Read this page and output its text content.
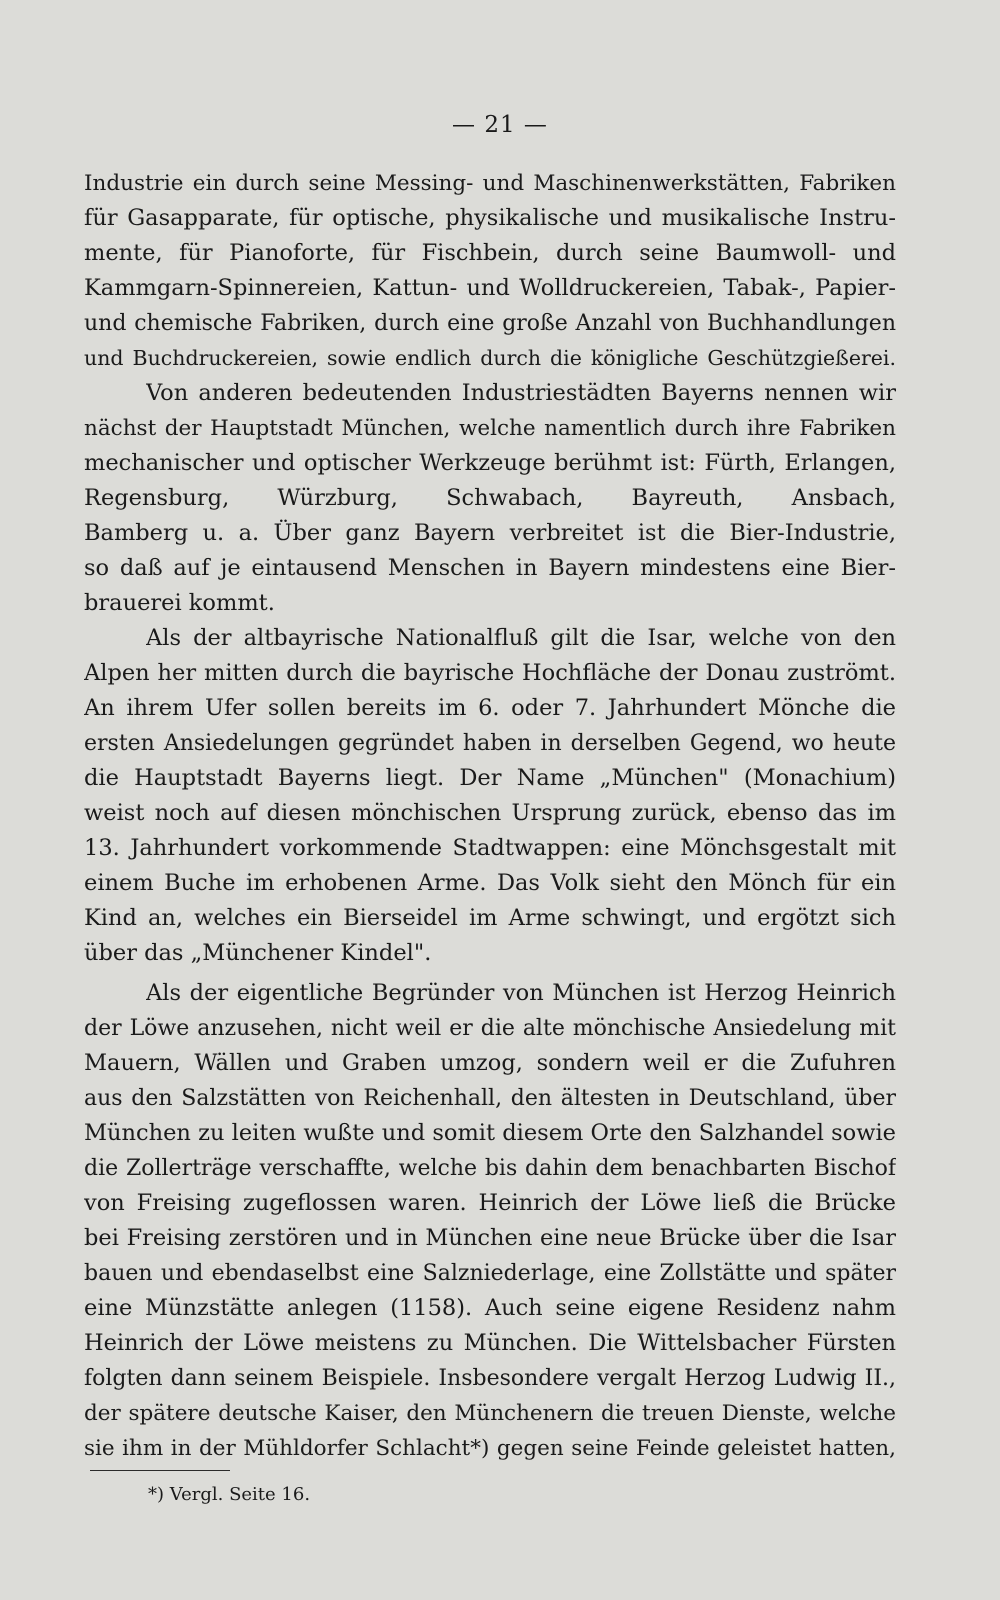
— 21 —
Industrie ein durch seine Messing- und Maschinenwerkstätten, Fabriken
für Gasapparate, für optische, physikalische und musikalische Instru-
mente, für Pianoforte, für Fischbein, durch seine Baumwoll- und
Kammgarn-Spinnereien, Kattun- und Wolldruckereien, Tabak-, Papier-
und chemische Fabriken, durch eine große Anzahl von Buchhandlungen
und Buchdruckereien, sowie endlich durch die königliche Geschützgießerei.
Von anderen bedeutenden Industriestädten Bayerns nennen wir
nächst der Hauptstadt München, welche namentlich durch ihre Fabriken
mechanischer und optischer Werkzeuge berühmt ist: Fürth, Erlangen,
Regensburg, Würzburg, Schwabach, Bayreuth, Ansbach,
Bamberg u. a. Über ganz Bayern verbreitet ist die Bier-Industrie,
so daß auf je eintausend Menschen in Bayern mindestens eine Bier-
brauerei kommt.
Als der altbayrische Nationalfluß gilt die Isar, welche von den
Alpen her mitten durch die bayrische Hochfläche der Donau zuströmt.
An ihrem Ufer sollen bereits im 6. oder 7. Jahrhundert Mönche die
ersten Ansiedelungen gegründet haben in derselben Gegend, wo heute
die Hauptstadt Bayerns liegt. Der Name „München" (Monachium)
weist noch auf diesen mönchischen Ursprung zurück, ebenso das im
13. Jahrhundert vorkommende Stadtwappen: eine Mönchsgestalt mit
einem Buche im erhobenen Arme. Das Volk sieht den Mönch für ein
Kind an, welches ein Bierseidel im Arme schwingt, und ergötzt sich
über das „Münchener Kindel".
Als der eigentliche Begründer von München ist Herzog Heinrich
der Löwe anzusehen, nicht weil er die alte mönchische Ansiedelung mit
Mauern, Wällen und Graben umzog, sondern weil er die Zufuhren
aus den Salzstätten von Reichenhall, den ältesten in Deutschland, über
München zu leiten wußte und somit diesem Orte den Salzhandel sowie
die Zollerträge verschaffte, welche bis dahin dem benachbarten Bischof
von Freising zugeflossen waren. Heinrich der Löwe ließ die Brücke
bei Freising zerstören und in München eine neue Brücke über die Isar
bauen und ebendaselbst eine Salzniederlage, eine Zollstätte und später
eine Münzstätte anlegen (1158). Auch seine eigene Residenz nahm
Heinrich der Löwe meistens zu München. Die Wittelsbacher Fürsten
folgten dann seinem Beispiele. Insbesondere vergalt Herzog Ludwig II.,
der spätere deutsche Kaiser, den Münchenern die treuen Dienste, welche
sie ihm in der Mühldorfer Schlacht*) gegen seine Feinde geleistet hatten,
*) Vergl. Seite 16.
